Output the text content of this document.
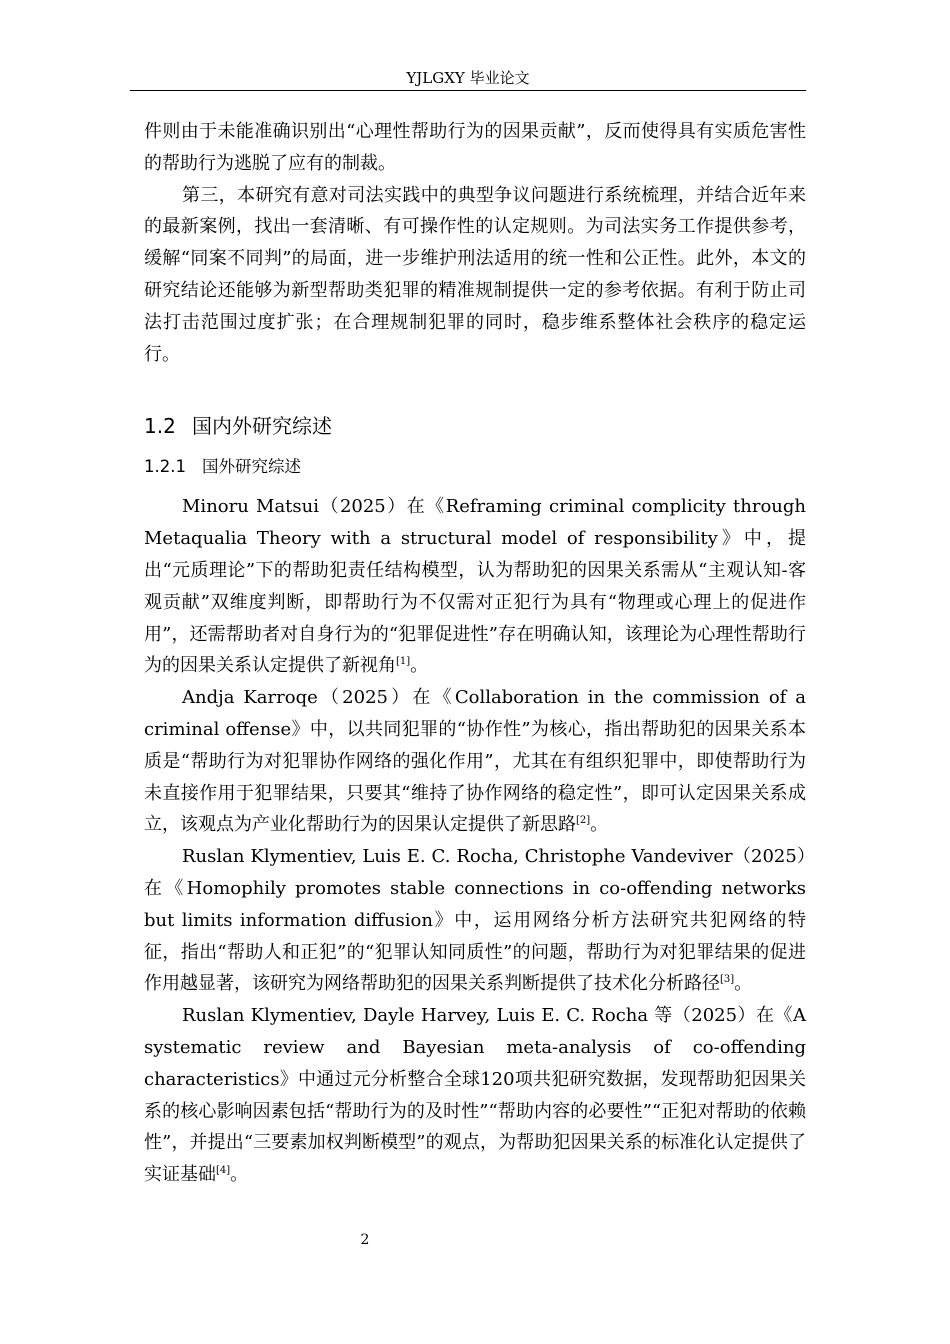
YJLGXY 毕业论文

件则由于未能准确识别出“心理性帮助行为的因果贡献”，反而使得具有实质危害性的帮助行为逃脱了应有的制裁。

第三，本研究有意对司法实践中的典型争议问题进行系统梳理，并结合近年来的最新案例，找出一套清晰、有可操作性的认定规则。为司法实务工作提供参考，缓解“同案不同判”的局面，进一步维护刑法适用的统一性和公正性。此外，本文的研究结论还能够为新型帮助类犯罪的精准规制提供一定的参考依据。有利于防止司法打击范围过度扩张；在合理规制犯罪的同时，稳步维系整体社会秩序的稳定运行。

1.2 国内外研究综述
1.2.1 国外研究综述

Minoru Matsui（2025）在《Reframing criminal complicity through Metaqualia Theory with a structural model of responsibility》中，提出“元质理论”下的帮助犯责任结构模型，认为帮助犯的因果关系需从“主观认知-客观贡献”双维度判断，即帮助行为不仅需对正犯行为具有“物理或心理上的促进作用”，还需帮助者对自身行为的“犯罪促进性”存在明确认知，该理论为心理性帮助行为的因果关系认定提供了新视角[1]。

Andja Karroqe（2025）在《Collaboration in the commission of a criminal offense》中，以共同犯罪的“协作性”为核心，指出帮助犯的因果关系本质是“帮助行为对犯罪协作网络的强化作用”，尤其在有组织犯罪中，即使帮助行为未直接作用于犯罪结果，只要其“维持了协作网络的稳定性”，即可认定因果关系成立，该观点为产业化帮助行为的因果认定提供了新思路[2]。

Ruslan Klymentiev, Luis E. C. Rocha, Christophe Vandeviver（2025）在《Homophily promotes stable connections in co-offending networks but limits information diffusion》中，运用网络分析方法研究共犯网络的特征，指出“帮助人和正犯”的“犯罪认知同质性”的问题，帮助行为对犯罪结果的促进作用越显著，该研究为网络帮助犯的因果关系判断提供了技术化分析路径[3]。

Ruslan Klymentiev, Dayle Harvey, Luis E. C. Rocha 等（2025）在《A systematic review and Bayesian meta-analysis of co-offending characteristics》中通过元分析整合全球120项共犯研究数据，发现帮助犯因果关系的核心影响因素包括“帮助行为的及时性”“帮助内容的必要性”“正犯对帮助的依赖性”，并提出“三要素加权判断模型”的观点，为帮助犯因果关系的标准化认定提供了实证基础[4]。

2
